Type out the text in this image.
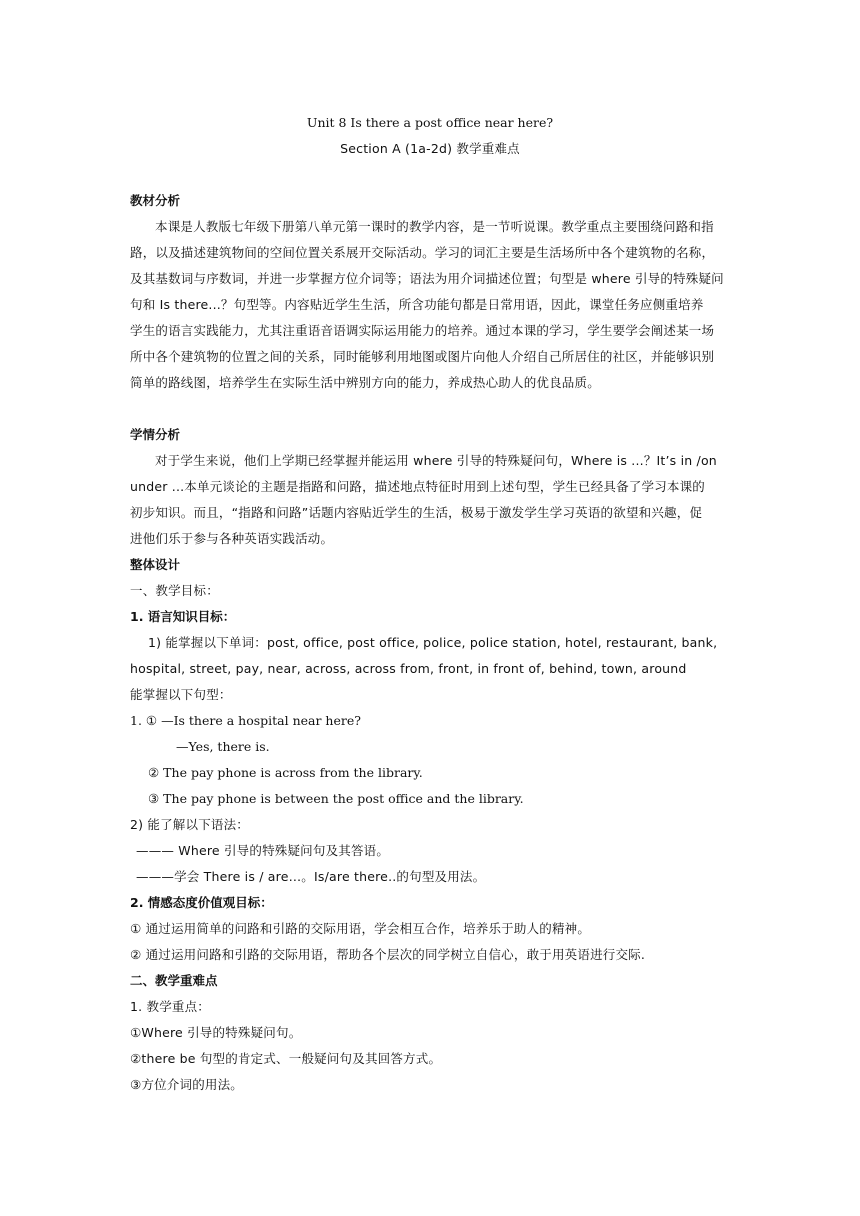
Unit 8 Is there a post office near here?
Section A (1a-2d) 教学重难点
教材分析
本课是人教版七年级下册第八单元第一课时的教学内容，是一节听说课。教学重点主要围绕问路和指
路，以及描述建筑物间的空间位置关系展开交际活动。学习的词汇主要是生活场所中各个建筑物的名称，
及其基数词与序数词，并进一步掌握方位介词等；语法为用介词描述位置；句型是 where 引导的特殊疑问
句和 Is there...？句型等。内容贴近学生生活，所含功能句都是日常用语，因此，课堂任务应侧重培养
学生的语言实践能力，尤其注重语音语调实际运用能力的培养。通过本课的学习，学生要学会阐述某一场
所中各个建筑物的位置之间的关系，同时能够利用地图或图片向他人介绍自己所居住的社区，并能够识别
简单的路线图，培养学生在实际生活中辨别方向的能力，养成热心助人的优良品质。
学情分析
对于学生来说，他们上学期已经掌握并能运用 where 引导的特殊疑问句，Where is ...？It’s in /on
under ...本单元谈论的主题是指路和问路，描述地点特征时用到上述句型，学生已经具备了学习本课的
初步知识。而且，“指路和问路”话题内容贴近学生的生活，极易于激发学生学习英语的欲望和兴趣，促
进他们乐于参与各种英语实践活动。
整体设计
一、教学目标：
1. 语言知识目标：
1) 能掌握以下单词：post, office, post office, police, police station, hotel, restaurant, bank,
hospital, street, pay, near, across, across from, front, in front of, behind, town, around
能掌握以下句型：
1. ① —Is there a hospital near here?
—Yes, there is.
② The pay phone is across from the library.
③ The pay phone is between the post office and the library.
2) 能了解以下语法：
——— Where 引导的特殊疑问句及其答语。
———学会 There is / are…。Is/are there..的句型及用法。
2. 情感态度价值观目标：
① 通过运用简单的问路和引路的交际用语，学会相互合作，培养乐于助人的精神。
② 通过运用问路和引路的交际用语，帮助各个层次的同学树立自信心，敢于用英语进行交际.
二、教学重难点
1. 教学重点：
①Where 引导的特殊疑问句。
②there be 句型的肯定式、一般疑问句及其回答方式。
③方位介词的用法。
